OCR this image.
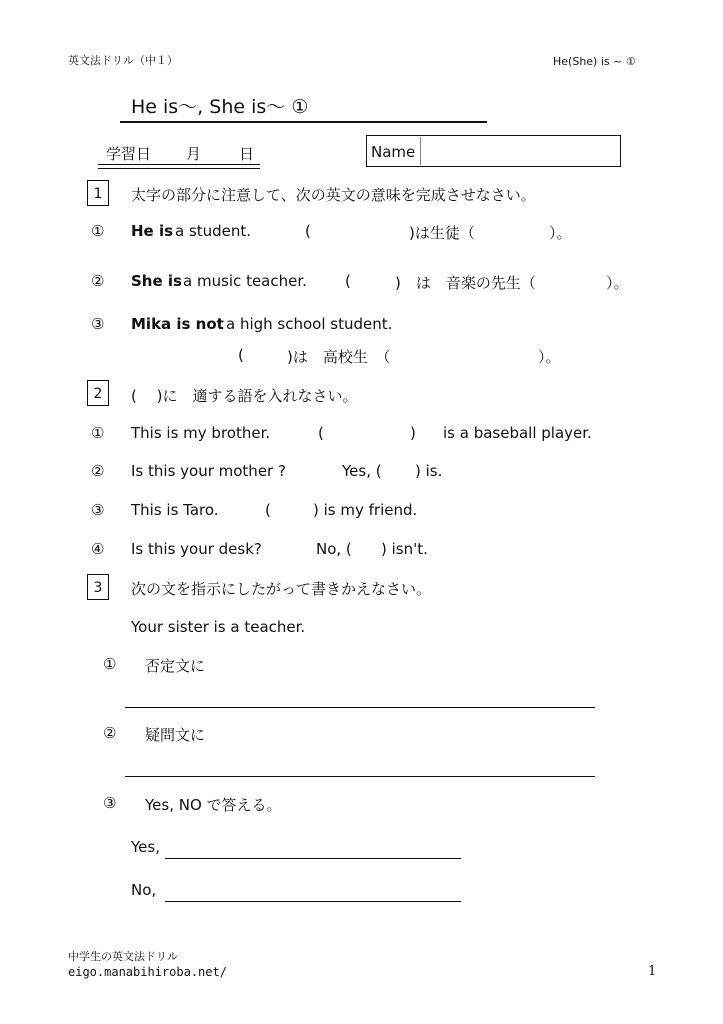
英文法ドリル（中１）	He(She) is ~ ①
He is～, She is～ ①
学習日 月	日	Name
1	太字の部分に注意して、次の英文の意味を完成させなさい。
① He is a student.	(	)は生徒（	）。
② She is a music teacher.	(	)　は　音楽の先生（	）。
③ Mika is not a high school student.
(	)は　高校生　（	）。
2	(　 )に　適する語を入れなさい。
① This is my brother.	(	) is a baseball player.
② Is this your mother ?	Yes, ( ) is.
③ This is Taro.	(	) is my friend.
④ Is this your desk?	No, ( ) isn't.
3	次の文を指示にしたがって書きかえなさい。
Your sister is a teacher.
① 否定文に
② 疑問文に
③ Yes, NO で答える。
Yes,
No,
中学生の英文法ドリル
eigo.manabihiroba.net/	1
